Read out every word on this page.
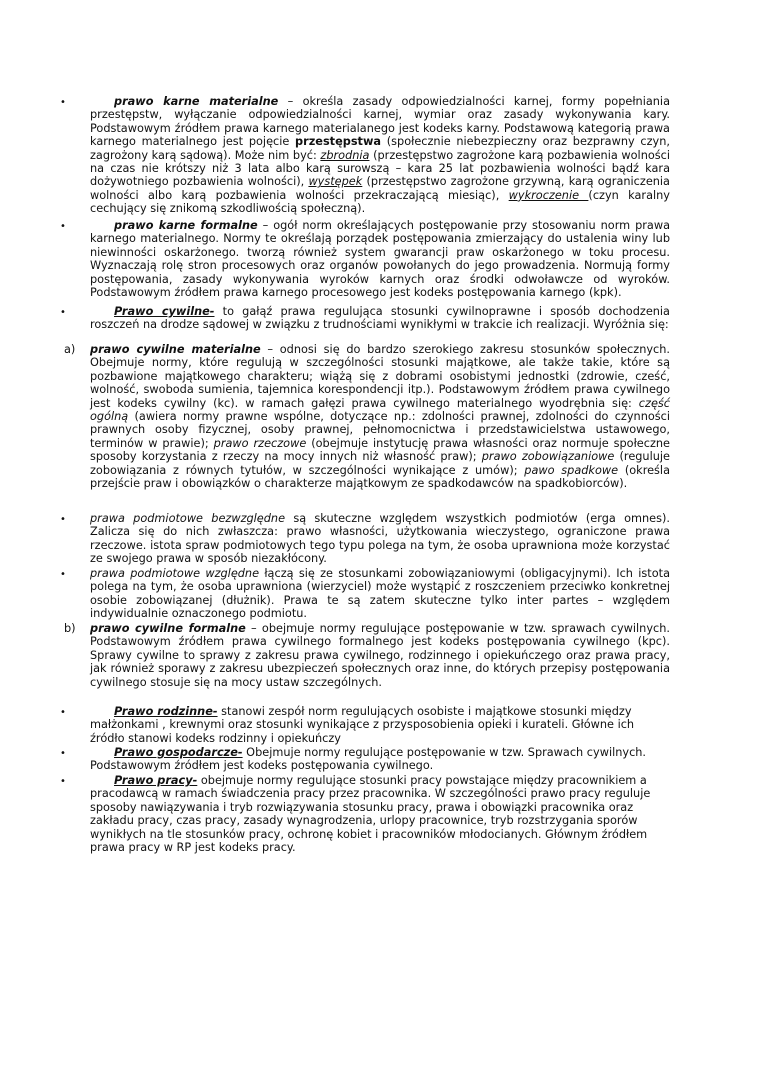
•	prawo karne materialne – określa zasady odpowiedzialności karnej, formy popełniania przestępstw, wyłączanie odpowiedzialności karnej, wymiar oraz zasady wykonywania kary. Podstawowym źródłem prawa karnego materialanego jest kodeks karny. Podstawową kategorią prawa karnego materialnego jest pojęcie przestępstwa (społecznie niebezpieczny oraz bezprawny czyn, zagrożony karą sądową). Może nim być: zbrodnia (przestępstwo zagrożone karą pozbawienia wolności na czas nie krótszy niż 3 lata albo karą surowszą – kara 25 lat pozbawienia wolności bądź kara dożywotniego pozbawienia wolności), występek (przestępstwo zagrożone grzywną, karą ograniczenia wolności albo karą pozbawienia wolności przekraczającą miesiąc), wykroczenie (czyn karalny cechujący się znikomą szkodliwością społeczną).
•	prawo karne formalne – ogół norm określających postępowanie przy stosowaniu norm prawa karnego materialnego. Normy te określają porządek postępowania zmierzający do ustalenia winy lub niewinności oskarżonego. tworzą również system gwarancji praw oskarżonego w toku procesu. Wyznaczają rolę stron procesowych oraz organów powołanych do jego prowadzenia. Normują formy postępowania, zasady wykonywania wyroków karnych oraz środki odwoławcze od wyroków. Podstawowym źródłem prawa karnego procesowego jest kodeks postępowania karnego (kpk).
•	Prawo cywilne- to gałąź prawa regulująca stosunki cywilnoprawne i sposób dochodzenia roszczeń na drodze sądowej w związku z trudnościami wynikłymi w trakcie ich realizacji. Wyróżnia się:
a)	prawo cywilne materialne – odnosi się do bardzo szerokiego zakresu stosunków społecznych. Obejmuje normy, które regulują w szczególności stosunki majątkowe, ale także takie, które są pozbawione majątkowego charakteru; wiążą się z dobrami osobistymi jednostki (zdrowie, cześć, wolność, swoboda sumienia, tajemnica korespondencji itp.). Podstawowym źródłem prawa cywilnego jest kodeks cywilny (kc). w ramach gałęzi prawa cywilnego materialnego wyodrębnia się: część ogólną (awiera normy prawne wspólne, dotyczące np.: zdolności prawnej, zdolności do czynności prawnych osoby fizycznej, osoby prawnej, pełnomocnictwa i przedstawicielstwa ustawowego, terminów w prawie); prawo rzeczowe (obejmuje instytucję prawa własności oraz normuje społeczne sposoby korzystania z rzeczy na mocy innych niż własność praw); prawo zobowiązaniowe (reguluje zobowiązania z równych tytułów, w szczególności wynikające z umów); pawo spadkowe (określa przejście praw i obowiązków o charakterze majątkowym ze spadkodawców na spadkobiorców).
•	prawa podmiotowe bezwzględne są skuteczne względem wszystkich podmiotów (erga omnes). Zalicza się do nich zwłaszcza: prawo własności, użytkowania wieczystego, ograniczone prawa rzeczowe. istota spraw podmiotowych tego typu polega na tym, że osoba uprawniona może korzystać ze swojego prawa w sposób niezakłócony.
•	prawa podmiotowe względne łączą się ze stosunkami zobowiązaniowymi (obligacyjnymi). Ich istota polega na tym, że osoba uprawniona (wierzyciel) może wystąpić z roszczeniem przeciwko konkretnej osobie zobowiązanej (dłużnik). Prawa te są zatem skuteczne tylko inter partes – względem indywidualnie oznaczonego podmiotu.
b)	prawo cywilne formalne – obejmuje normy regulujące postępowanie w tzw. sprawach cywilnych. Podstawowym źródłem prawa cywilnego formalnego jest kodeks postępowania cywilnego (kpc). Sprawy cywilne to sprawy z zakresu prawa cywilnego, rodzinnego i opiekuńczego oraz prawa pracy, jak również sporawy z zakresu ubezpieczeń społecznych oraz inne, do których przepisy postępowania cywilnego stosuje się na mocy ustaw szczególnych.
•	Prawo rodzinne- stanowi zespół norm regulujących osobiste i majątkowe stosunki między małżonkami , krewnymi oraz stosunki wynikające z przysposobienia opieki i kurateli. Główne ich źródło stanowi kodeks rodzinny i opiekuńczy
•	Prawo gospodarcze- Obejmuje normy regulujące postępowanie w tzw. Sprawach cywilnych. Podstawowym źródłem jest kodeks postępowania cywilnego.
•	Prawo pracy- obejmuje normy regulujące stosunki pracy powstające między pracownikiem a pracodawcą w ramach świadczenia pracy przez pracownika. W szczególności prawo pracy reguluje sposoby nawiązywania i tryb rozwiązywania stosunku pracy, prawa i obowiązki pracownika oraz zakładu pracy, czas pracy, zasady wynagrodzenia, urlopy pracownice, tryb rozstrzygania sporów wynikłych na tle stosunków pracy, ochronę kobiet i pracowników młodocianych. Głównym źródłem prawa pracy w RP jest kodeks pracy.
